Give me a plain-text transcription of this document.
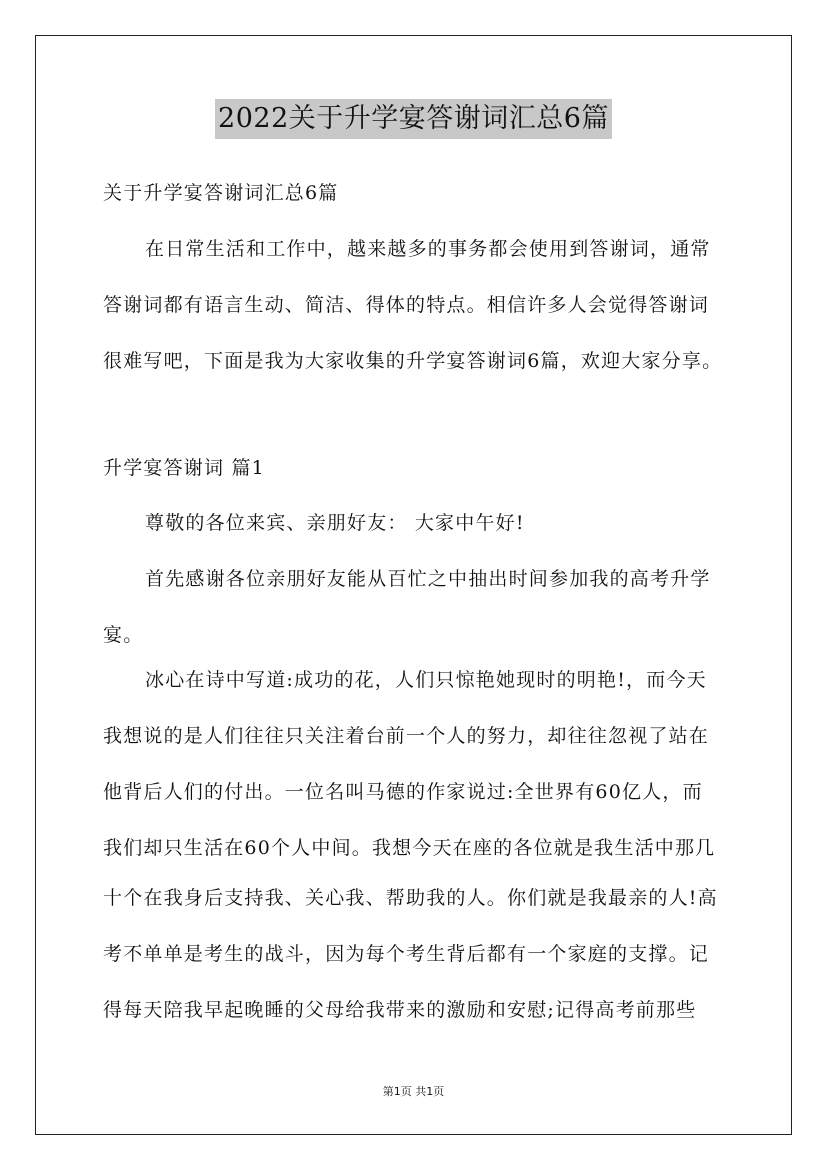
2022关于升学宴答谢词汇总6篇
关于升学宴答谢词汇总6篇
在日常生活和工作中，越来越多的事务都会使用到答谢词，通常
答谢词都有语言生动、简洁、得体的特点。相信许多人会觉得答谢词
很难写吧，下面是我为大家收集的升学宴答谢词6篇，欢迎大家分享。
升学宴答谢词 篇1
尊敬的各位来宾、亲朋好友： 大家中午好!
首先感谢各位亲朋好友能从百忙之中抽出时间参加我的高考升学
宴。
冰心在诗中写道:成功的花，人们只惊艳她现时的明艳!，而今天
我想说的是人们往往只关注着台前一个人的努力，却往往忽视了站在
他背后人们的付出。一位名叫马德的作家说过:全世界有60亿人，而
我们却只生活在60个人中间。我想今天在座的各位就是我生活中那几
十个在我身后支持我、关心我、帮助我的人。你们就是我最亲的人!高
考不单单是考生的战斗，因为每个考生背后都有一个家庭的支撑。记
得每天陪我早起晚睡的父母给我带来的激励和安慰;记得高考前那些
第1页 共1页
